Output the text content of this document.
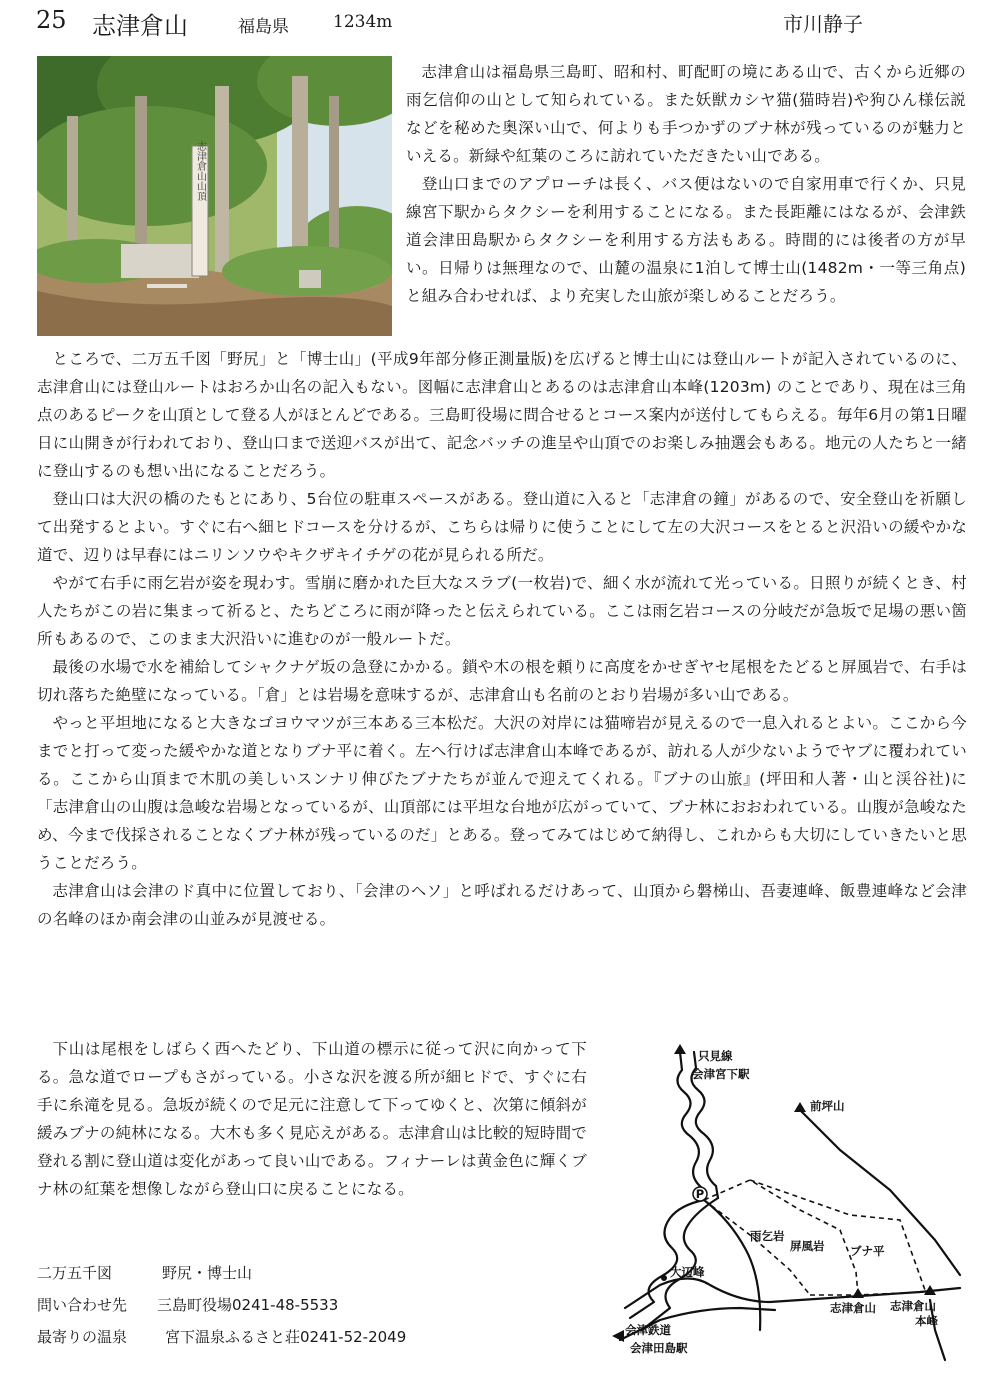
25 志津倉山	福島県	1234m	市川静子
志津倉山山頂

志津倉山は福島県三島町、昭和村、町配町の境にある山で、古くから近郷の雨乞信仰の山として知られている。また妖獣カシヤ猫(猫時岩)や狗ひん様伝説などを秘めた奥深い山で、何よりも手つかずのブナ林が残っているのが魅力といえる。新緑や紅葉のころに訪れていただきたい山である。
登山口までのアプローチは長く、バス便はないので自家用車で行くか、只見線宮下駅からタクシーを利用することになる。また長距離にはなるが、会津鉄道会津田島駅からタクシーを利用する方法もある。時間的には後者の方が早い。日帰りは無理なので、山麓の温泉に1泊して博士山(1482m・一等三角点)と組み合わせれば、より充実した山旅が楽しめることだろう。

ところで、二万五千図「野尻」と「博士山」(平成9年部分修正測量版)を広げると博士山には登山ルートが記入されているのに、志津倉山には登山ルートはおろか山名の記入もない。図幅に志津倉山とあるのは志津倉山本峰(1203m) のことであり、現在は三角点のあるピークを山頂として登る人がほとんどである。三島町役場に問合せるとコース案内が送付してもらえる。毎年6月の第1日曜日に山開きが行われており、登山口まで送迎バスが出て、記念バッチの進呈や山頂でのお楽しみ抽選会もある。地元の人たちと一緒に登山するのも想い出になることだろう。
登山口は大沢の橋のたもとにあり、5台位の駐車スペースがある。登山道に入ると「志津倉の鐘」があるので、安全登山を祈願して出発するとよい。すぐに右へ細ヒドコースを分けるが、こちらは帰りに使うことにして左の大沢コースをとると沢沿いの緩やかな道で、辺りは早春にはニリンソウやキクザキイチゲの花が見られる所だ。
やがて右手に雨乞岩が姿を現わす。雪崩に磨かれた巨大なスラブ(一枚岩)で、細く水が流れて光っている。日照りが続くとき、村人たちがこの岩に集まって祈ると、たちどころに雨が降ったと伝えられている。ここは雨乞岩コースの分岐だが急坂で足場の悪い箇所もあるので、このまま大沢沿いに進むのが一般ルートだ。
最後の水場で水を補給してシャクナゲ坂の急登にかかる。鎖や木の根を頼りに高度をかせぎヤセ尾根をたどると屏風岩で、右手は切れ落ちた絶壁になっている。「倉」とは岩場を意味するが、志津倉山も名前のとおり岩場が多い山である。
やっと平坦地になると大きなゴヨウマツが三本ある三本松だ。大沢の対岸には猫啼岩が見えるので一息入れるとよい。ここから今までと打って変った緩やかな道となりブナ平に着く。左へ行けば志津倉山本峰であるが、訪れる人が少ないようでヤブに覆われている。ここから山頂まで木肌の美しいスンナリ伸びたブナたちが並んで迎えてくれる。『ブナの山旅』(坪田和人著・山と渓谷社)に「志津倉山の山腹は急峻な岩場となっているが、山頂部には平坦な台地が広がっていて、ブナ林におおわれている。山腹が急峻なため、今まで伐採されることなくブナ林が残っているのだ」とある。登ってみてはじめて納得し、これからも大切にしていきたいと思うことだろう。
志津倉山は会津のド真中に位置しており、「会津のヘソ」と呼ばれるだけあって、山頂から磐梯山、吾妻連峰、飯豊連峰など会津の名峰のほか南会津の山並みが見渡せる。

下山は尾根をしばらく西へたどり、下山道の標示に従って沢に向かって下る。急な道でロープもさがっている。小さな沢を渡る所が細ヒドで、すぐに右手に糸滝を見る。急坂が続くので足元に注意して下ってゆくと、次第に傾斜が緩みブナの純林になる。大木も多く見応えがある。志津倉山は比較的短時間で登れる割に登山道は変化があって良い山である。フィナーレは黄金色に輝くブナ林の紅葉を想像しながら登山口に戻ることになる。

二万五千図	野尻・博士山
問い合わせ先 三島町役場0241-48-5533
最寄りの温泉	宮下温泉ふるさと荘0241-52-2049
P
只見線
会津宮下駅
前坪山
大辺峰
雨乞岩
屏風岩 ブナ平
志津倉山 志津倉山
本峰
会津鉄道
会津田島駅
